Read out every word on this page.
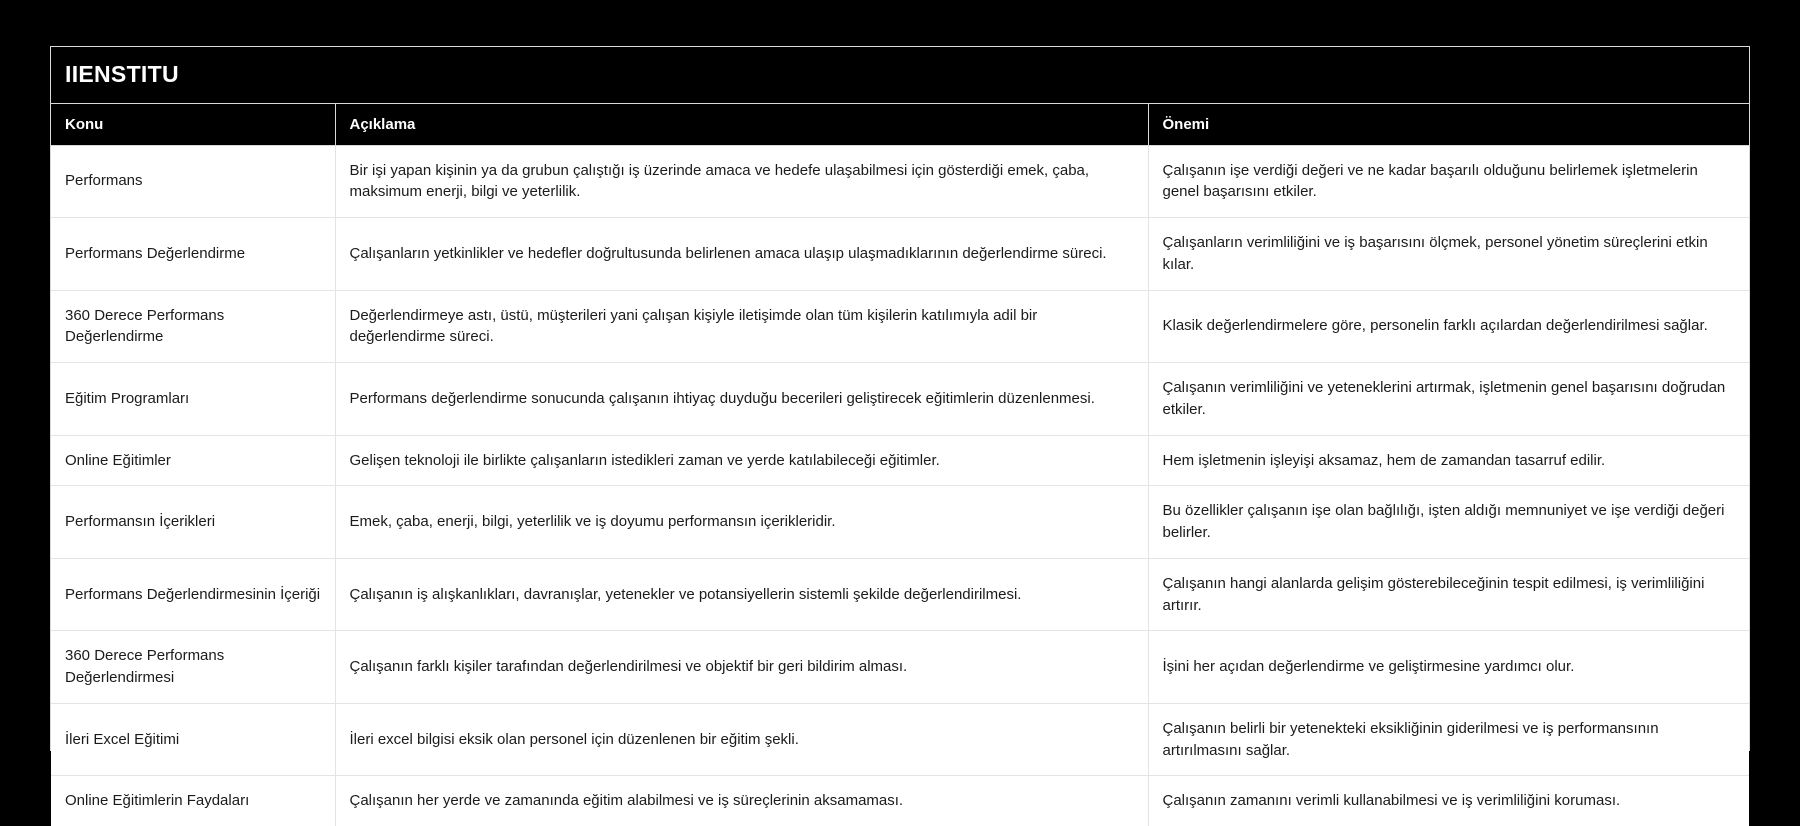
IIENSTITU		
Konu	Açıklama	Önemi
Performans	Bir işi yapan kişinin ya da grubun çalıştığı iş üzerinde amaca ve hedefe ulaşabilmesi için gösterdiği emek, çaba, maksimum enerji, bilgi ve yeterlilik.	Çalışanın işe verdiği değeri ve ne kadar başarılı olduğunu belirlemek işletmelerin genel başarısını etkiler.
Performans Değerlendirme	Çalışanların yetkinlikler ve hedefler doğrultusunda belirlenen amaca ulaşıp ulaşmadıklarının değerlendirme süreci.	Çalışanların verimliliğini ve iş başarısını ölçmek, personel yönetim süreçlerini etkin kılar.
360 Derece Performans Değerlendirme	Değerlendirmeye astı, üstü, müşterileri yani çalışan kişiyle iletişimde olan tüm kişilerin katılımıyla adil bir değerlendirme süreci.	Klasik değerlendirmelere göre, personelin farklı açılardan değerlendirilmesi sağlar.
Eğitim Programları	Performans değerlendirme sonucunda çalışanın ihtiyaç duyduğu becerileri geliştirecek eğitimlerin düzenlenmesi.	Çalışanın verimliliğini ve yeteneklerini artırmak, işletmenin genel başarısını doğrudan etkiler.
Online Eğitimler	Gelişen teknoloji ile birlikte çalışanların istedikleri zaman ve yerde katılabileceği eğitimler.	Hem işletmenin işleyişi aksamaz, hem de zamandan tasarruf edilir.
Performansın İçerikleri	Emek, çaba, enerji, bilgi, yeterlilik ve iş doyumu performansın içerikleridir.	Bu özellikler çalışanın işe olan bağlılığı, işten aldığı memnuniyet ve işe verdiği değeri belirler.
Performans Değerlendirmesinin İçeriği	Çalışanın iş alışkanlıkları, davranışlar, yetenekler ve potansiyellerin sistemli şekilde değerlendirilmesi.	Çalışanın hangi alanlarda gelişim gösterebileceğinin tespit edilmesi, iş verimliliğini artırır.
360 Derece Performans Değerlendirmesi	Çalışanın farklı kişiler tarafından değerlendirilmesi ve objektif bir geri bildirim alması.	İşini her açıdan değerlendirme ve geliştirmesine yardımcı olur.
İleri Excel Eğitimi	İleri excel bilgisi eksik olan personel için düzenlenen bir eğitim şekli.	Çalışanın belirli bir yetenekteki eksikliğinin giderilmesi ve iş performansının artırılmasını sağlar.
Online Eğitimlerin Faydaları	Çalışanın her yerde ve zamanında eğitim alabilmesi ve iş süreçlerinin aksamaması.	Çalışanın zamanını verimli kullanabilmesi ve iş verimliliğini koruması.
